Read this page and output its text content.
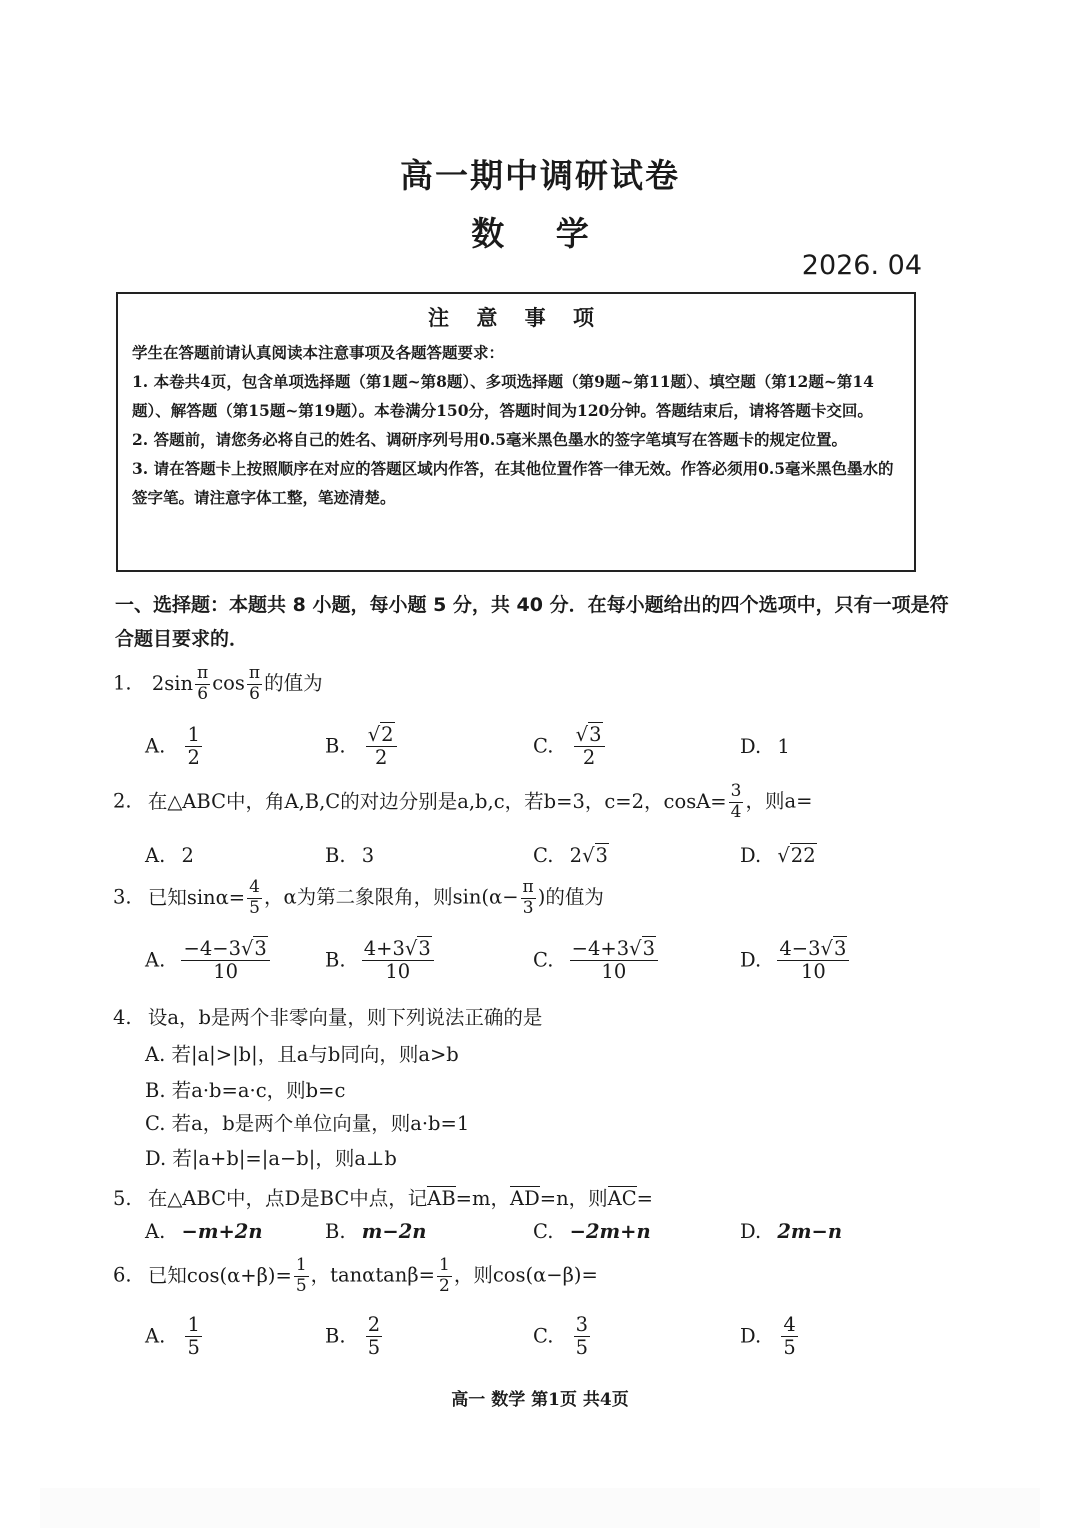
高一期中调研试卷
数 学
2026. 04
注 意 事 项

学生在答题前请认真阅读本注意事项及各题答题要求：

1. 本卷共4页，包含单项选择题（第1题~第8题）、多项选择题（第9题~第11题）、填空题（第12题~第14题）、解答题（第15题~第19题）。本卷满分150分，答题时间为120分钟。答题结束后，请将答题卡交回。

2. 答题前，请您务必将自己的姓名、调研序列号用0.5毫米黑色墨水的签字笔填写在答题卡的规定位置。

3. 请在答题卡上按照顺序在对应的答题区域内作答，在其他位置作答一律无效。作答必须用0.5毫米黑色墨水的签字笔。请注意字体工整，笔迹清楚。

一、选择题：本题共 8 小题，每小题 5 分，共 40 分．在每小题给出的四个选项中，只有一项是符合题目要求的．
1. $2\sin \frac{\pi}{6}$ $\cos \frac{\pi}{6}$ 的值为
A. $\frac{1}{2}$	B. $\frac{√2}{2}$	C. $\frac{√3}{2}$	D. 1
2. 在△ABC中，角A,B,C的对边分别是a,b,c，若b=3，c=2，$\cos A= \frac{3}{4}$ ，则a=
A. 2	B. 3	C. 2√3	D. √22
3. 已知$\sin\alpha= \frac{4}{5}$ ，α为第二象限角，则$\sin(\alpha- \frac{\pi}{3}$ )的值为
A. $\frac{-4-3√3}{10}$	B. $\frac{4+3√3}{10}$	C. $\frac{-4+3√3}{10}$	D. $\frac{4-3√3}{10}$
4. 设a，b是两个非零向量，则下列说法正确的是
A. 若|a|>|b|，且a与b同向，则a>b
B. 若a·b=a·c，则b=c
C. 若a，b是两个单位向量，则a·b=1
D. 若|a+b|=|a−b|，则a⊥b
5. 在△ABC中，点D是BC中点，记AB=m，AD=n，则AC=
A. −m+2n	B. m−2n	C. −2m+n	D. 2m−n
6. 已知$\cos(\alpha+\beta)= \frac{1}{5}$ ，$\tan\alpha\tan\beta= \frac{1}{2}$ ，则cos(α−β)=
A. $\frac{1}{5}$	B. $\frac{2}{5}$	C. $\frac{3}{5}$	D. $\frac{4}{5}$
高一 数学 第1页 共4页
